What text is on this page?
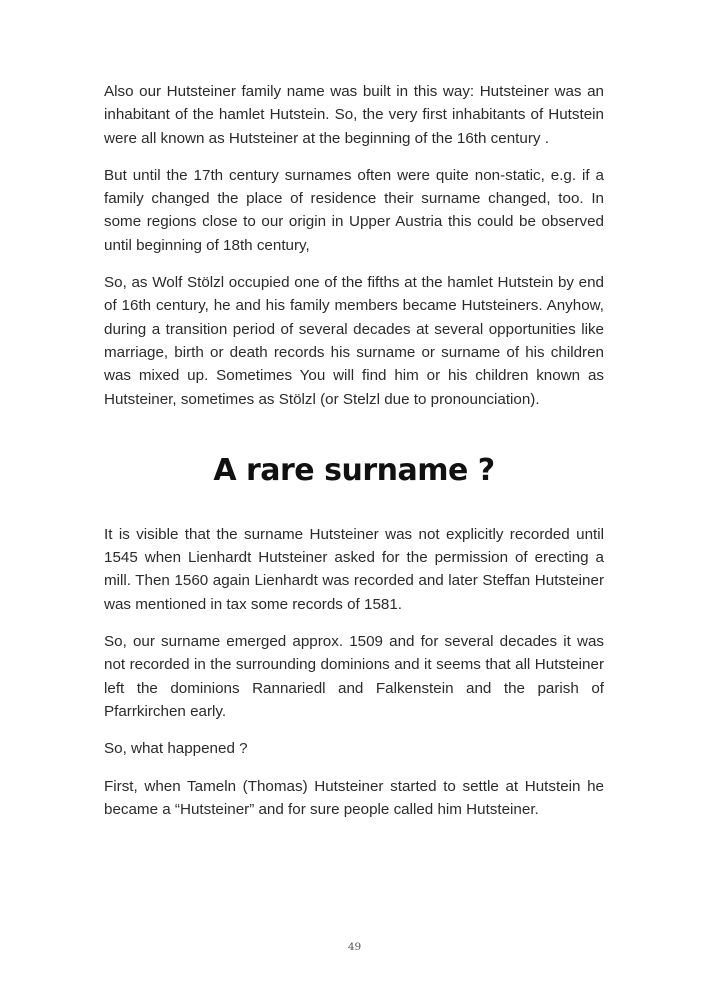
Also our Hutsteiner family name was built in this way: Hutsteiner was an inhabitant of the hamlet Hutstein. So, the very first inhabitants of Hutstein were all known as Hutsteiner at the beginning of the 16th century .

But until the 17th century surnames often were quite non-static, e.g. if a family changed the place of residence their surname changed, too. In some regions close to our origin in Upper Austria this could be observed until beginning of 18th century,

So, as Wolf Stölzl occupied one of the fifths at the hamlet Hutstein by end of 16th century, he and his family members became Hutsteiners. Anyhow, during a transition period of several decades at several opportunities like marriage, birth or death records his surname or surname of his children was mixed up. Sometimes You will find him or his children known as Hutsteiner, sometimes as Stölzl (or Stelzl due to pronounciation).

A rare surname ?

It is visible that the surname Hutsteiner was not explicitly recorded until 1545 when Lienhardt Hutsteiner asked for the permission of erecting a mill. Then 1560 again Lienhardt was recorded and later Steffan Hutsteiner was mentioned in tax some records of 1581.

So, our surname emerged approx. 1509 and for several decades it was not recorded in the surrounding dominions and it seems that all Hutsteiner left the dominions Rannariedl and Falkenstein and the parish of Pfarrkirchen early.

So, what happened ?

First, when Tameln (Thomas) Hutsteiner started to settle at Hutstein he became a “Hutsteiner” and for sure people called him Hutsteiner.

49
